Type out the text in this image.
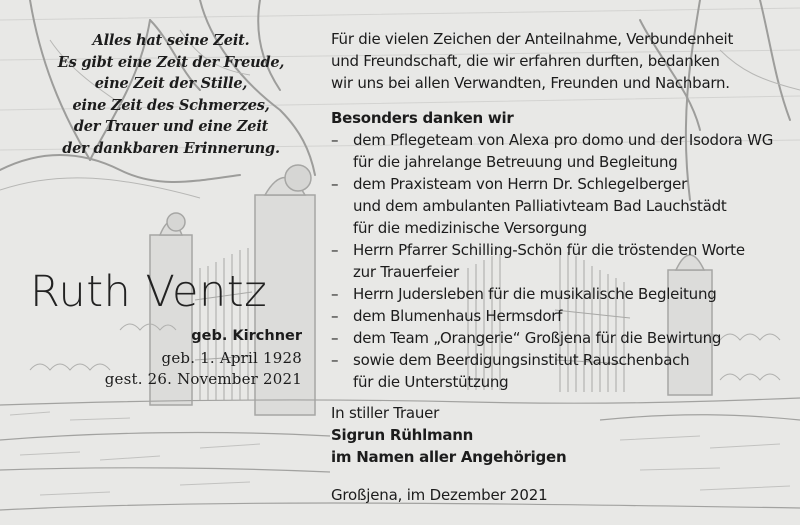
Alles hat seine Zeit.
Es gibt eine Zeit der Freude,
eine Zeit der Stille,
eine Zeit des Schmerzes,
der Trauer und eine Zeit
der dankbaren Erinnerung.
Ruth Ventz
geb. Kirchner
geb. 1. April 1928
gest. 26. November 2021
Für die vielen Zeichen der Anteilnahme, Verbundenheit
und Freundschaft, die wir erfahren durften, bedanken
wir uns bei allen Verwandten, Freunden und Nachbarn.
Besonders danken wir
– dem Pflegeteam von Alexa pro domo und der Isodora WG
für die jahrelange Betreuung und Begleitung
– dem Praxisteam von Herrn Dr. Schlegelberger
und dem ambulanten Palliativteam Bad Lauchstädt
für die medizinische Versorgung
– Herrn Pfarrer Schilling-Schön für die tröstenden Worte
zur Trauerfeier
– Herrn Judersleben für die musikalische Begleitung
– dem Blumenhaus Hermsdorf
– dem Team „Orangerie“ Großjena für die Bewirtung
– sowie dem Beerdigungsinstitut Rauschenbach
für die Unterstützung
In stiller Trauer
Sigrun Rühlmann
im Namen aller Angehörigen
Großjena, im Dezember 2021
